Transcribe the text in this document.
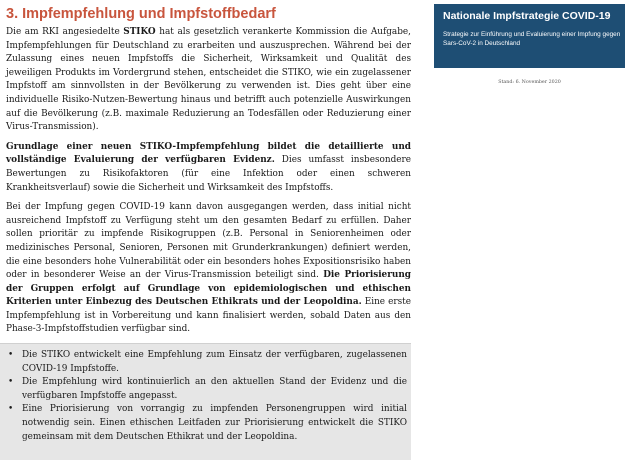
3. Impfempfehlung und Impfstoffbedarf

Die am RKI angesiedelte STIKO hat als gesetzlich verankerte Kommission die Aufgabe, Impfempfehlungen für Deutschland zu erarbeiten und auszusprechen. Während bei der Zulassung eines neuen Impfstoffs die Sicherheit, Wirksamkeit und Qualität des jeweiligen Produkts im Vordergrund stehen, entscheidet die STIKO, wie ein zugelassener Impfstoff am sinnvollsten in der Bevölkerung zu verwenden ist. Dies geht über eine individuelle Risiko-Nutzen-Bewertung hinaus und betrifft auch potenzielle Auswirkungen auf die Bevölkerung (z.B. maximale Reduzierung an Todesfällen oder Reduzierung einer Virus-Transmission).

Grundlage einer neuen STIKO-Impfempfehlung bildet die detaillierte und vollständige Evaluierung der verfügbaren Evidenz. Dies umfasst insbesondere Bewertungen zu Risikofaktoren (für eine Infektion oder einen schweren Krankheitsverlauf) sowie die Sicherheit und Wirksamkeit des Impfstoffs.

Bei der Impfung gegen COVID-19 kann davon ausgegangen werden, dass initial nicht ausreichend Impfstoff zu Verfügung steht um den gesamten Bedarf zu erfüllen. Daher sollen prioritär zu impfende Risikogruppen (z.B. Personal in Seniorenheimen oder medizinisches Personal, Senioren, Personen mit Grunderkrankungen) definiert werden, die eine besonders hohe Vulnerabilität oder ein besonders hohes Expositionsrisiko haben oder in besonderer Weise an der Virus-Transmission beteiligt sind. Die Priorisierung der Gruppen erfolgt auf Grundlage von epidemiologischen und ethischen Kriterien unter Einbezug des Deutschen Ethikrats und der Leopoldina. Eine erste Impfempfehlung ist in Vorbereitung und kann finalisiert werden, sobald Daten aus den Phase-3-Impfstoffstudien verfügbar sind.

• Die STIKO entwickelt eine Empfehlung zum Einsatz der verfügbaren, zugelassenen COVID-19 Impfstoffe.
• Die Empfehlung wird kontinuierlich an den aktuellen Stand der Evidenz und die verfügbaren Impfstoffe angepasst.
• Eine Priorisierung von vorrangig zu impfenden Personengruppen wird initial notwendig sein. Einen ethischen Leitfaden zur Priorisierung entwickelt die STIKO gemeinsam mit dem Deutschen Ethikrat und der Leopoldina.
Nationale Impfstrategie COVID-19
Strategie zur Einführung und Evaluierung einer Impfung gegen Sars-CoV-2 in Deutschland
Stand: 6. November 2020
